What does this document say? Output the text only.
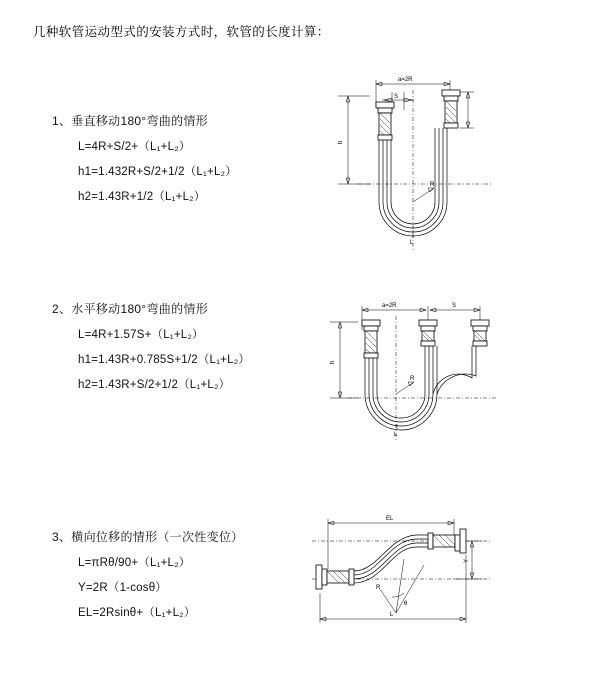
几种软管运动型式的安装方式时，软管的长度计算：
1、垂直移动180°弯曲的情形
L=4R+S/2+（L₁+L₂）
h1=1.432R+S/2+1/2（L₁+L₂）
h2=1.43R+1/2（L₁+L₂）
a=2R
h
S
R
L
2、水平移动180°弯曲的情形
L=4R+1.57S+（L₁+L₂）
h1=1.43R+0.785S+1/2（L₁+L₂）
h2=1.43R+S/2+1/2（L₁+L₂）
a=2R	S
h
R
L
3、横向位移的情形（一次性变位）
L=πRθ/90+（L₁+L₂）
Y=2R（1-cosθ）
EL=2Rsinθ+（L₁+L₂）
EL
Y
θ
R
L
